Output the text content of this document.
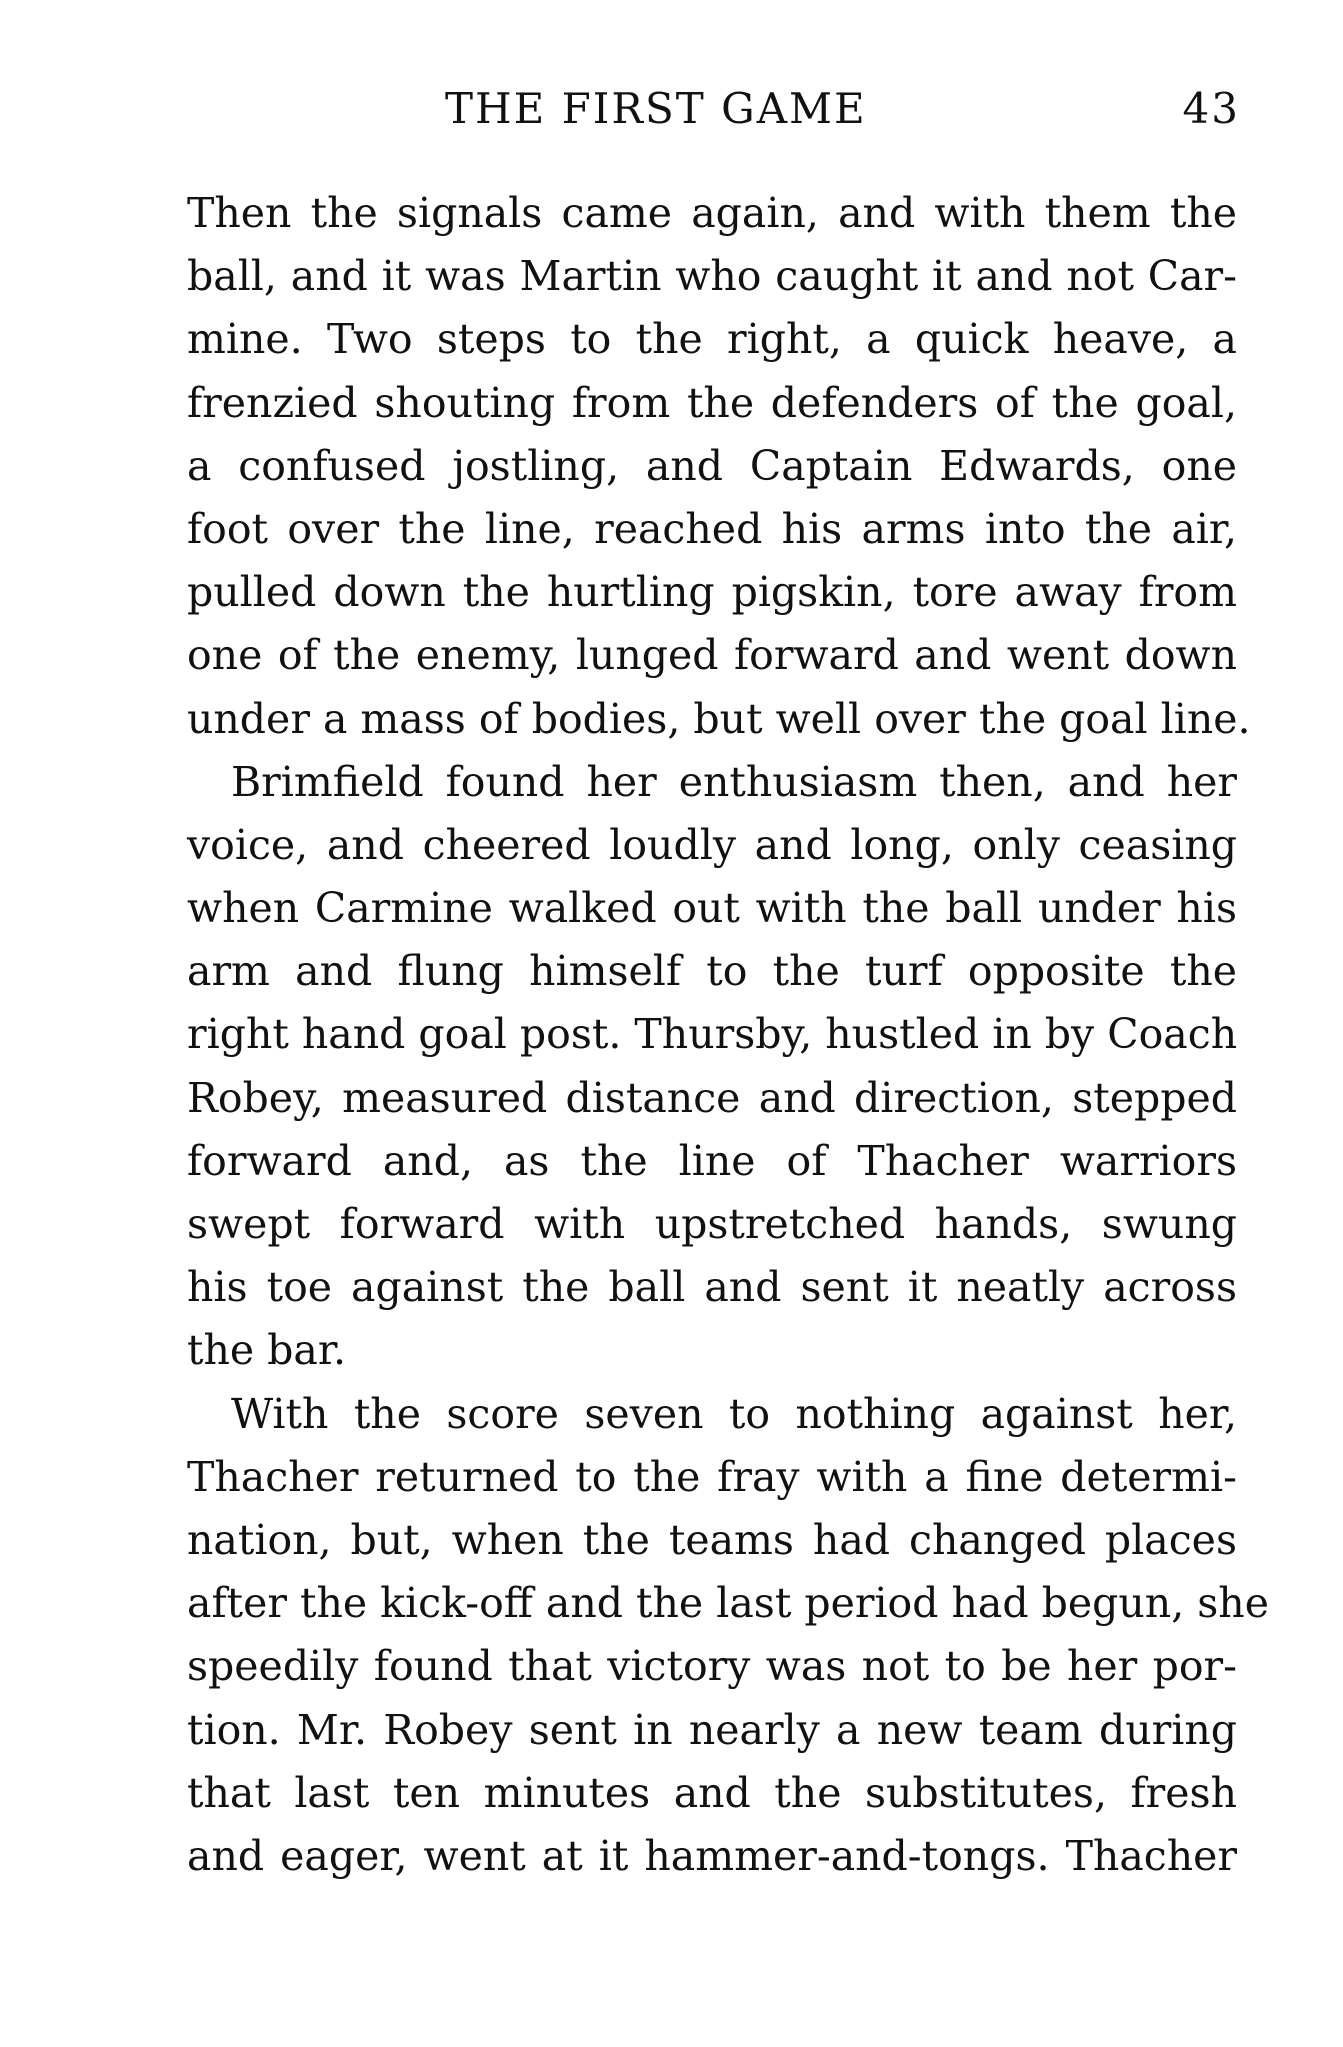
THE FIRST GAME	43
Then the signals came again, and with them the
ball, and it was Martin who caught it and not Car-
mine. Two steps to the right, a quick heave, a
frenzied shouting from the defenders of the goal,
a confused jostling, and Captain Edwards, one
foot over the line, reached his arms into the air,
pulled down the hurtling pigskin, tore away from
one of the enemy, lunged forward and went down
under a mass of bodies, but well over the goal line.
Brimfield found her enthusiasm then, and her
voice, and cheered loudly and long, only ceasing
when Carmine walked out with the ball under his
arm and flung himself to the turf opposite the
right hand goal post. Thursby, hustled in by Coach
Robey, measured distance and direction, stepped
forward and, as the line of Thacher warriors
swept forward with upstretched hands, swung
his toe against the ball and sent it neatly across
the bar.
With the score seven to nothing against her,
Thacher returned to the fray with a fine determi-
nation, but, when the teams had changed places
after the kick-off and the last period had begun, she
speedily found that victory was not to be her por-
tion. Mr. Robey sent in nearly a new team during
that last ten minutes and the substitutes, fresh
and eager, went at it hammer-and-tongs. Thacher
